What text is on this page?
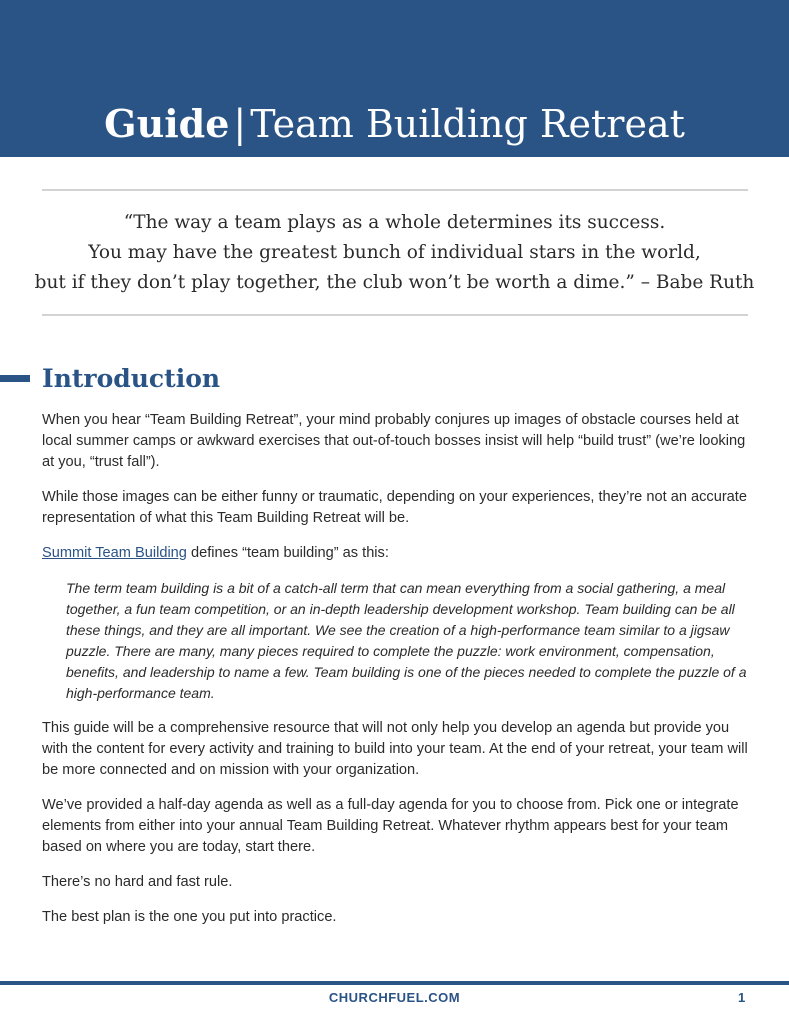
Guide | Team Building Retreat
“The way a team plays as a whole determines its success.
You may have the greatest bunch of individual stars in the world,
but if they don’t play together, the club won’t be worth a dime.” – Babe Ruth
Introduction

When you hear “Team Building Retreat”, your mind probably conjures up images of obstacle courses held at local summer camps or awkward exercises that out-of-touch bosses insist will help “build trust” (we’re looking at you, “trust fall”).

While those images can be either funny or traumatic, depending on your experiences, they’re not an accurate representation of what this Team Building Retreat will be.

Summit Team Building defines “team building” as this:

The term team building is a bit of a catch-all term that can mean everything from a social gathering, a meal together, a fun team competition, or an in-depth leadership development workshop. Team building can be all these things, and they are all important. We see the creation of a high-performance team similar to a jigsaw puzzle. There are many, many pieces required to complete the puzzle: work environment, compensation, benefits, and leadership to name a few. Team building is one of the pieces needed to complete the puzzle of a high-performance team.

This guide will be a comprehensive resource that will not only help you develop an agenda but provide you with the content for every activity and training to build into your team. At the end of your retreat, your team will be more connected and on mission with your organization.

We’ve provided a half-day agenda as well as a full-day agenda for you to choose from. Pick one or integrate elements from either into your annual Team Building Retreat. Whatever rhythm appears best for your team based on where you are today, start there.

There’s no hard and fast rule.

The best plan is the one you put into practice.

CHURCHFUEL.COM	1
